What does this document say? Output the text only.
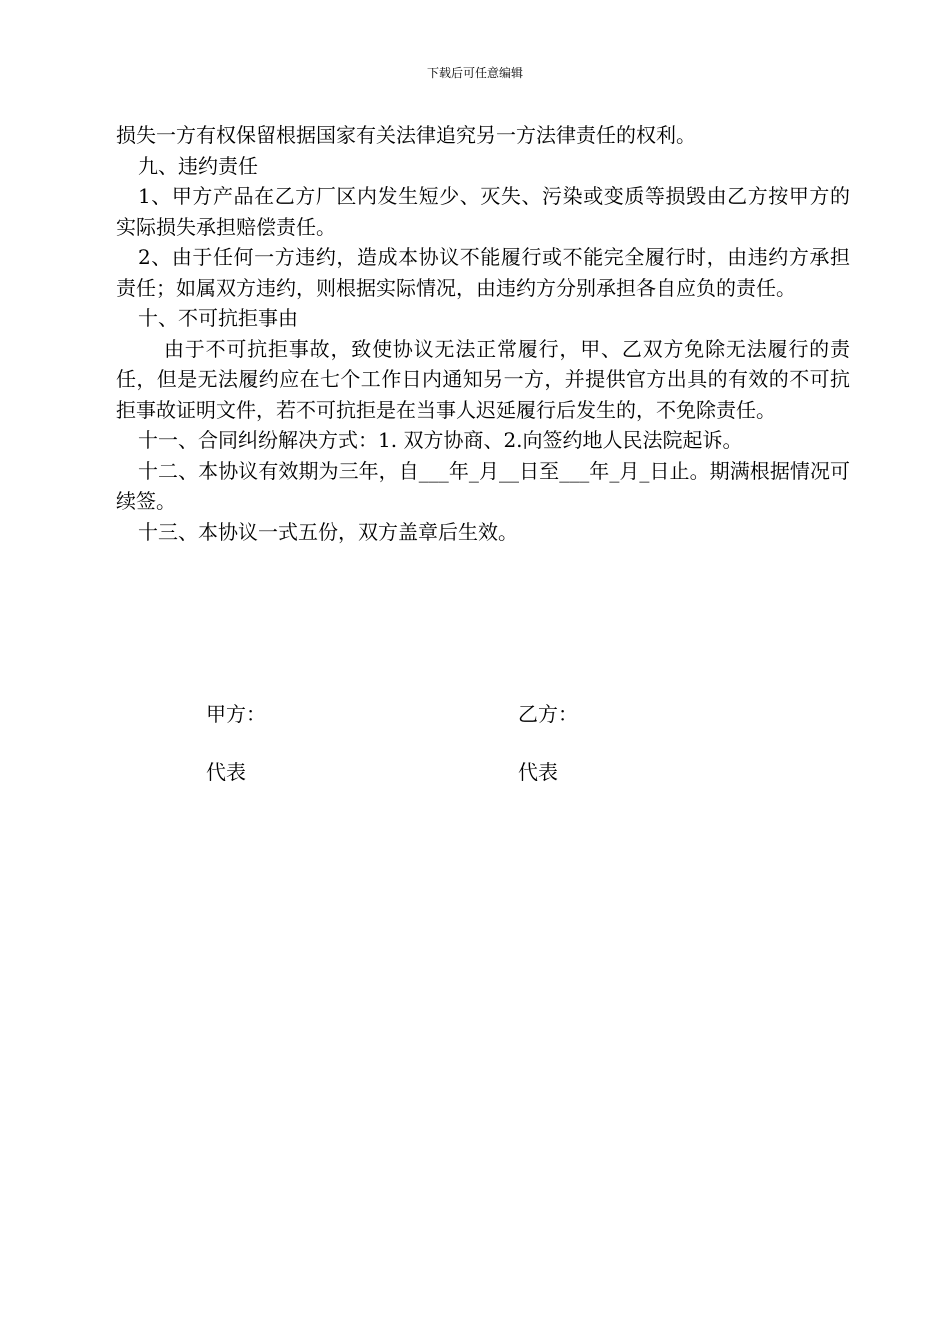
下载后可任意编辑

损失一方有权保留根据国家有关法律追究另一方法律责任的权利。

九、违约责任

1、甲方产品在乙方厂区内发生短少、灭失、污染或变质等损毁由乙方按甲方的实际损失承担赔偿责任。

2、由于任何一方违约，造成本协议不能履行或不能完全履行时，由违约方承担责任；如属双方违约，则根据实际情况，由违约方分别承担各自应负的责任。

十、不可抗拒事由

由于不可抗拒事故，致使协议无法正常履行，甲、乙双方免除无法履行的责任，但是无法履约应在七个工作日内通知另一方，并提供官方出具的有效的不可抗拒事故证明文件，若不可抗拒是在当事人迟延履行后发生的，不免除责任。

十一、合同纠纷解决方式：1. 双方协商、2.向签约地人民法院起诉。

十二、本协议有效期为三年，自___年_月__日至___年_月_日止。期满根据情况可续签。

十三、本协议一式五份，双方盖章后生效。

甲方：	乙方：
代表	代表
